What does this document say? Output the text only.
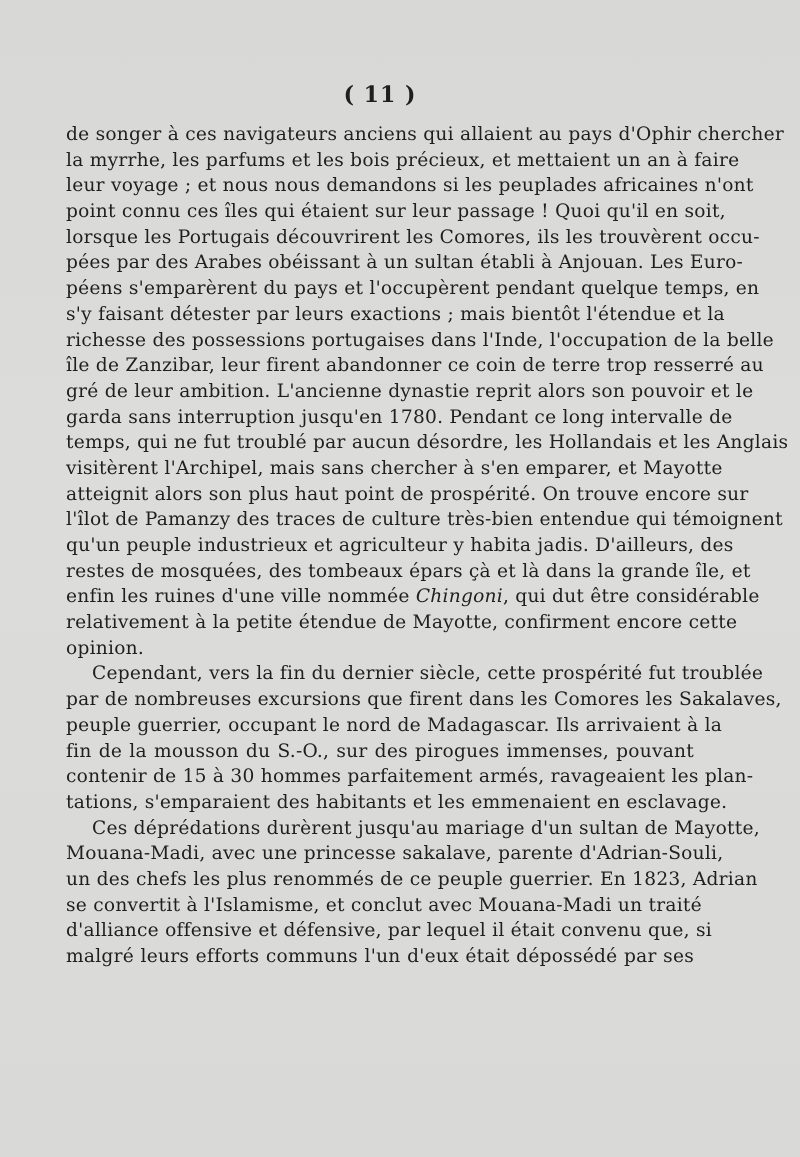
( 11 )
de songer à ces navigateurs anciens qui allaient au pays d'Ophir chercher
la myrrhe, les parfums et les bois précieux, et mettaient un an à faire
leur voyage ; et nous nous demandons si les peuplades africaines n'ont
point connu ces îles qui étaient sur leur passage ! Quoi qu'il en soit,
lorsque les Portugais découvrirent les Comores, ils les trouvèrent occu-
pées par des Arabes obéissant à un sultan établi à Anjouan. Les Euro-
péens s'emparèrent du pays et l'occupèrent pendant quelque temps, en
s'y faisant détester par leurs exactions ; mais bientôt l'étendue et la
richesse des possessions portugaises dans l'Inde, l'occupation de la belle
île de Zanzibar, leur firent abandonner ce coin de terre trop resserré au
gré de leur ambition. L'ancienne dynastie reprit alors son pouvoir et le
garda sans interruption jusqu'en 1780. Pendant ce long intervalle de
temps, qui ne fut troublé par aucun désordre, les Hollandais et les Anglais
visitèrent l'Archipel, mais sans chercher à s'en emparer, et Mayotte
atteignit alors son plus haut point de prospérité. On trouve encore sur
l'îlot de Pamanzy des traces de culture très-bien entendue qui témoignent
qu'un peuple industrieux et agriculteur y habita jadis. D'ailleurs, des
restes de mosquées, des tombeaux épars çà et là dans la grande île, et
enfin les ruines d'une ville nommée Chingoni, qui dut être considérable
relativement à la petite étendue de Mayotte, confirment encore cette
opinion.
Cependant, vers la fin du dernier siècle, cette prospérité fut troublée
par de nombreuses excursions que firent dans les Comores les Sakalaves,
peuple guerrier, occupant le nord de Madagascar. Ils arrivaient à la
fin de la mousson du S.-O., sur des pirogues immenses, pouvant
contenir de 15 à 30 hommes parfaitement armés, ravageaient les plan-
tations, s'emparaient des habitants et les emmenaient en esclavage.
Ces déprédations durèrent jusqu'au mariage d'un sultan de Mayotte,
Mouana-Madi, avec une princesse sakalave, parente d'Adrian-Souli,
un des chefs les plus renommés de ce peuple guerrier. En 1823, Adrian
se convertit à l'Islamisme, et conclut avec Mouana-Madi un traité
d'alliance offensive et défensive, par lequel il était convenu que, si
malgré leurs efforts communs l'un d'eux était dépossédé par ses
